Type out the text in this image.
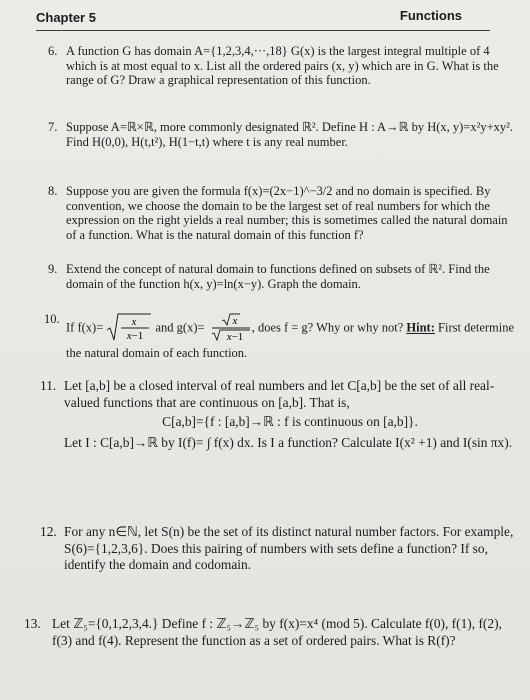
Chapter 5	Functions
6. A function G has domain A={1,2,3,4,···,18} G(x) is the largest integral multiple of 4 which is at most equal to x. List all the ordered pairs (x, y) which are in G. What is the range of G? Draw a graphical representation of this function.
7. Suppose A=ℝ×ℝ, more commonly designated ℝ². Define H : A→ℝ by H(x, y)=x²y+xy². Find H(0,0), H(t,t²), H(1−t,t) where t is any real number.
8. Suppose you are given the formula f(x)=(2x−1)^−3/2 and no domain is specified. By convention, we choose the domain to be the largest set of real numbers for which the expression on the right yields a real number; this is sometimes called the natural domain of a function. What is the natural domain of this function f?
9. Extend the concept of natural domain to functions defined on subsets of ℝ². Find the domain of the function h(x, y)=ln(x−y). Graph the domain.
10.
If f(x)=	x
x−1
and g(x)=	x
x−1
, does f = g? Why or why not? Hint: First determine the natural domain of each function.
11. Let [a,b] be a closed interval of real numbers and let C[a,b] be the set of all real-valued functions that are continuous on [a,b]. That is,
C[a,b]={f : [a,b]→ℝ : f is continuous on [a,b]}.
Let I : C[a,b]→ℝ by I(f)= ∫ f(x) dx. Is I a function? Calculate I(x² +1) and I(sin πx).
12. For any n∈ℕ, let S(n) be the set of its distinct natural number factors. For example, S(6)={1,2,3,6}. Does this pairing of numbers with sets define a function? If so, identify the domain and codomain.
13. Let ℤ₅={0,1,2,3,4.} Define f : ℤ₅→ℤ₅ by f(x)=x⁴ (mod 5). Calculate f(0), f(1), f(2), f(3) and f(4). Represent the function as a set of ordered pairs. What is R(f)?
